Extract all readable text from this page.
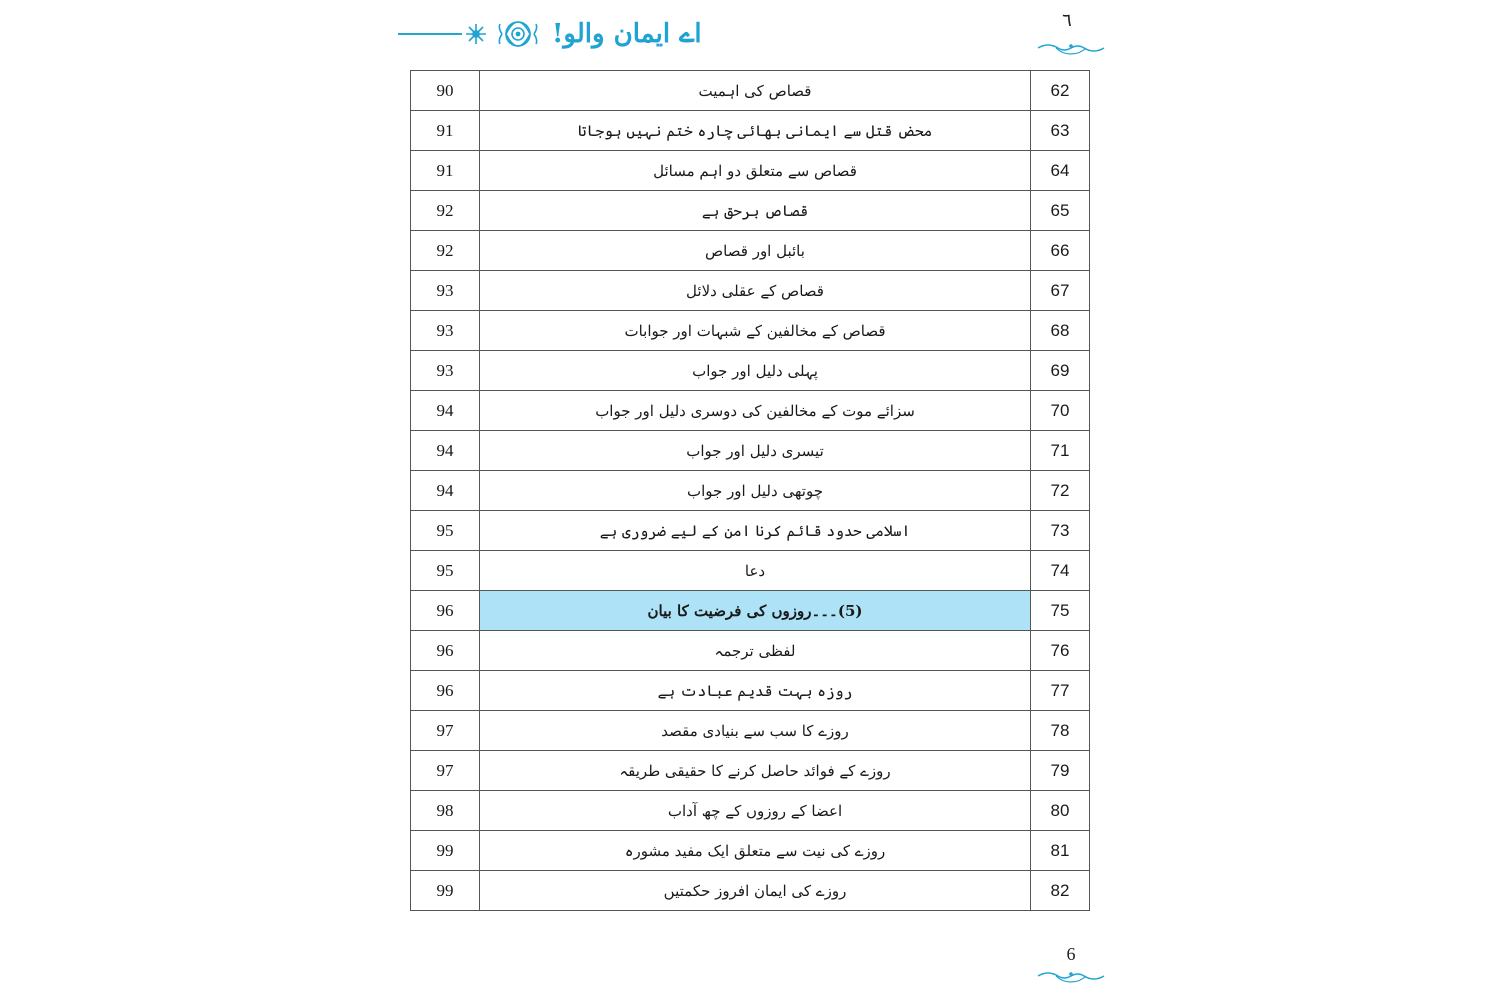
اے ایمان والو!	٦
90	قصاص کی اہمیت	62
91	محض قتل سے ایمانی بھائی چارہ ختم نہیں ہوجاتا	63
91	قصاص سے متعلق دو اہم مسائل	64
92	قصاص برحق ہے	65
92	بائبل اور قصاص	66
93	قصاص کے عقلی دلائل	67
93	قصاص کے مخالفین کے شبہات اور جوابات	68
93	پہلی دلیل اور جواب	69
94	سزائے موت کے مخالفین کی دوسری دلیل اور جواب	70
94	تیسری دلیل اور جواب	71
94	چوتھی دلیل اور جواب	72
95	اسلامی حدود قائم کرنا امن کے لیے ضروری ہے	73
95	دعا	74
96	(5)۔۔۔روزوں کی فرضیت کا بیان	75
96	لفظی ترجمہ	76
96	روزہ بہت قدیم عبادت ہے	77
97	روزے کا سب سے بنیادی مقصد	78
97	روزے کے فوائد حاصل کرنے کا حقیقی طریقہ	79
98	اعضا کے روزوں کے چھ آداب	80
99	روزے کی نیت سے متعلق ایک مفید مشورہ	81
99	روزے کی ایمان افروز حکمتیں	82
6
